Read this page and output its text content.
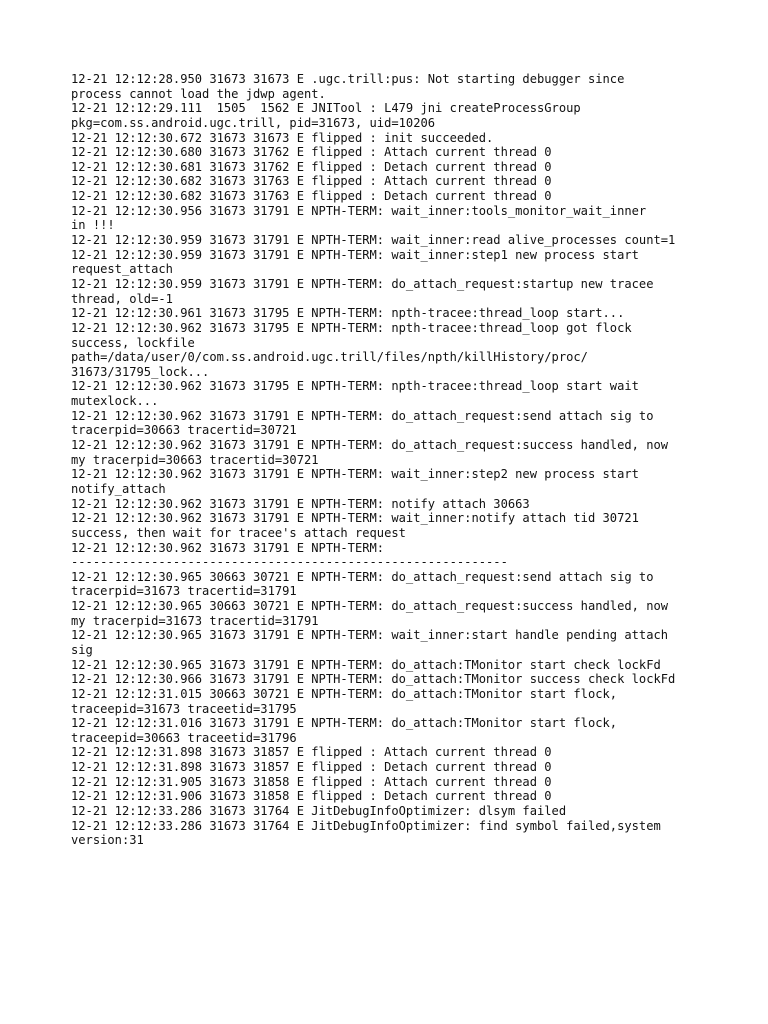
12-21 12:12:28.950 31673 31673 E .ugc.trill:pus: Not starting debugger since
process cannot load the jdwp agent.
12-21 12:12:29.111  1505  1562 E JNITool : L479 jni createProcessGroup
pkg=com.ss.android.ugc.trill, pid=31673, uid=10206
12-21 12:12:30.672 31673 31673 E flipped : init succeeded.
12-21 12:12:30.680 31673 31762 E flipped : Attach current thread 0
12-21 12:12:30.681 31673 31762 E flipped : Detach current thread 0
12-21 12:12:30.682 31673 31763 E flipped : Attach current thread 0
12-21 12:12:30.682 31673 31763 E flipped : Detach current thread 0
12-21 12:12:30.956 31673 31791 E NPTH-TERM: wait_inner:tools_monitor_wait_inner
in !!!
12-21 12:12:30.959 31673 31791 E NPTH-TERM: wait_inner:read alive_processes count=1
12-21 12:12:30.959 31673 31791 E NPTH-TERM: wait_inner:step1 new process start
request_attach
12-21 12:12:30.959 31673 31791 E NPTH-TERM: do_attach_request:startup new tracee
thread, old=-1
12-21 12:12:30.961 31673 31795 E NPTH-TERM: npth-tracee:thread_loop start...
12-21 12:12:30.962 31673 31795 E NPTH-TERM: npth-tracee:thread_loop got flock
success, lockfile
path=/data/user/0/com.ss.android.ugc.trill/files/npth/killHistory/proc/
31673/31795_lock...
12-21 12:12:30.962 31673 31795 E NPTH-TERM: npth-tracee:thread_loop start wait
mutexlock...
12-21 12:12:30.962 31673 31791 E NPTH-TERM: do_attach_request:send attach sig to
tracerpid=30663 tracertid=30721
12-21 12:12:30.962 31673 31791 E NPTH-TERM: do_attach_request:success handled, now
my tracerpid=30663 tracertid=30721
12-21 12:12:30.962 31673 31791 E NPTH-TERM: wait_inner:step2 new process start
notify_attach
12-21 12:12:30.962 31673 31791 E NPTH-TERM: notify attach 30663
12-21 12:12:30.962 31673 31791 E NPTH-TERM: wait_inner:notify attach tid 30721
success, then wait for tracee's attach request
12-21 12:12:30.962 31673 31791 E NPTH-TERM:
------------------------------------------------------------
12-21 12:12:30.965 30663 30721 E NPTH-TERM: do_attach_request:send attach sig to
tracerpid=31673 tracertid=31791
12-21 12:12:30.965 30663 30721 E NPTH-TERM: do_attach_request:success handled, now
my tracerpid=31673 tracertid=31791
12-21 12:12:30.965 31673 31791 E NPTH-TERM: wait_inner:start handle pending attach
sig
12-21 12:12:30.965 31673 31791 E NPTH-TERM: do_attach:TMonitor start check lockFd
12-21 12:12:30.966 31673 31791 E NPTH-TERM: do_attach:TMonitor success check lockFd
12-21 12:12:31.015 30663 30721 E NPTH-TERM: do_attach:TMonitor start flock,
traceepid=31673 traceetid=31795
12-21 12:12:31.016 31673 31791 E NPTH-TERM: do_attach:TMonitor start flock,
traceepid=30663 traceetid=31796
12-21 12:12:31.898 31673 31857 E flipped : Attach current thread 0
12-21 12:12:31.898 31673 31857 E flipped : Detach current thread 0
12-21 12:12:31.905 31673 31858 E flipped : Attach current thread 0
12-21 12:12:31.906 31673 31858 E flipped : Detach current thread 0
12-21 12:12:33.286 31673 31764 E JitDebugInfoOptimizer: dlsym failed
12-21 12:12:33.286 31673 31764 E JitDebugInfoOptimizer: find symbol failed,system
version:31
